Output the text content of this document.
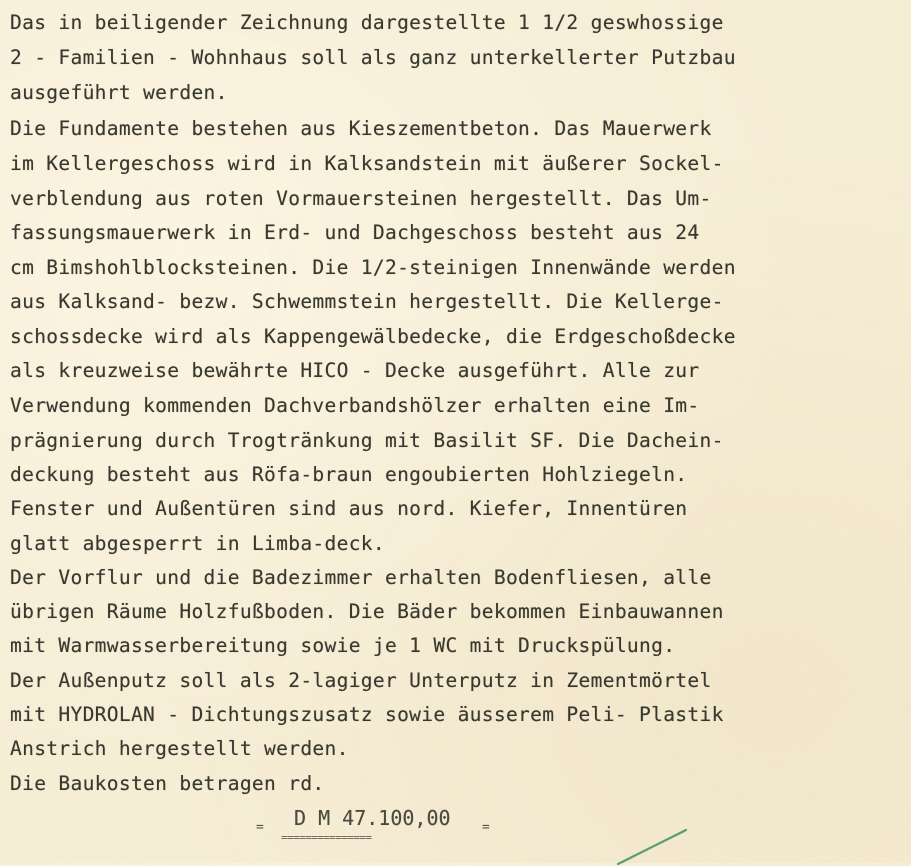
Das in beiligender Zeichnung dargestellte 1 1/2 geswhossige
2 - Familien - Wohnhaus soll als ganz unterkellerter Putzbau
ausgeführt werden.
Die Fundamente bestehen aus Kieszementbeton. Das Mauerwerk
im Kellergeschoss wird in Kalksandstein mit äußerer Sockel-
verblendung aus roten Vormauersteinen hergestellt. Das Um-
fassungsmauerwerk in Erd- und Dachgeschoss besteht aus 24
cm Bimshohlblocksteinen. Die 1/2-steinigen Innenwände werden
aus Kalksand- bezw. Schwemmstein hergestellt. Die Kellerge-
schossdecke wird als Kappengewälbedecke, die Erdgeschoßdecke
als kreuzweise bewährte HICO - Decke ausgeführt. Alle zur
Verwendung kommenden Dachverbandshölzer erhalten eine Im-
prägnierung durch Trogtränkung mit Basilit SF. Die Dachein-
deckung besteht aus Röfa-braun engoubierten Hohlziegeln.
Fenster und Außentüren sind aus nord. Kiefer, Innentüren
glatt abgesperrt in Limba-deck.
Der Vorflur und die Badezimmer erhalten Bodenfliesen, alle
übrigen Räume Holzfußboden. Die Bäder bekommen Einbauwannen
mit Warmwasserbereitung sowie je 1 WC mit Druckspülung.
Der Außenputz soll als 2-lagiger Unterputz in Zementmörtel
mit HYDROLAN - Dichtungszusatz sowie äusserem Peli- Plastik
Anstrich hergestellt werden.
Die Baukosten betragen rd.
= D M 47.100,00 =
===============
